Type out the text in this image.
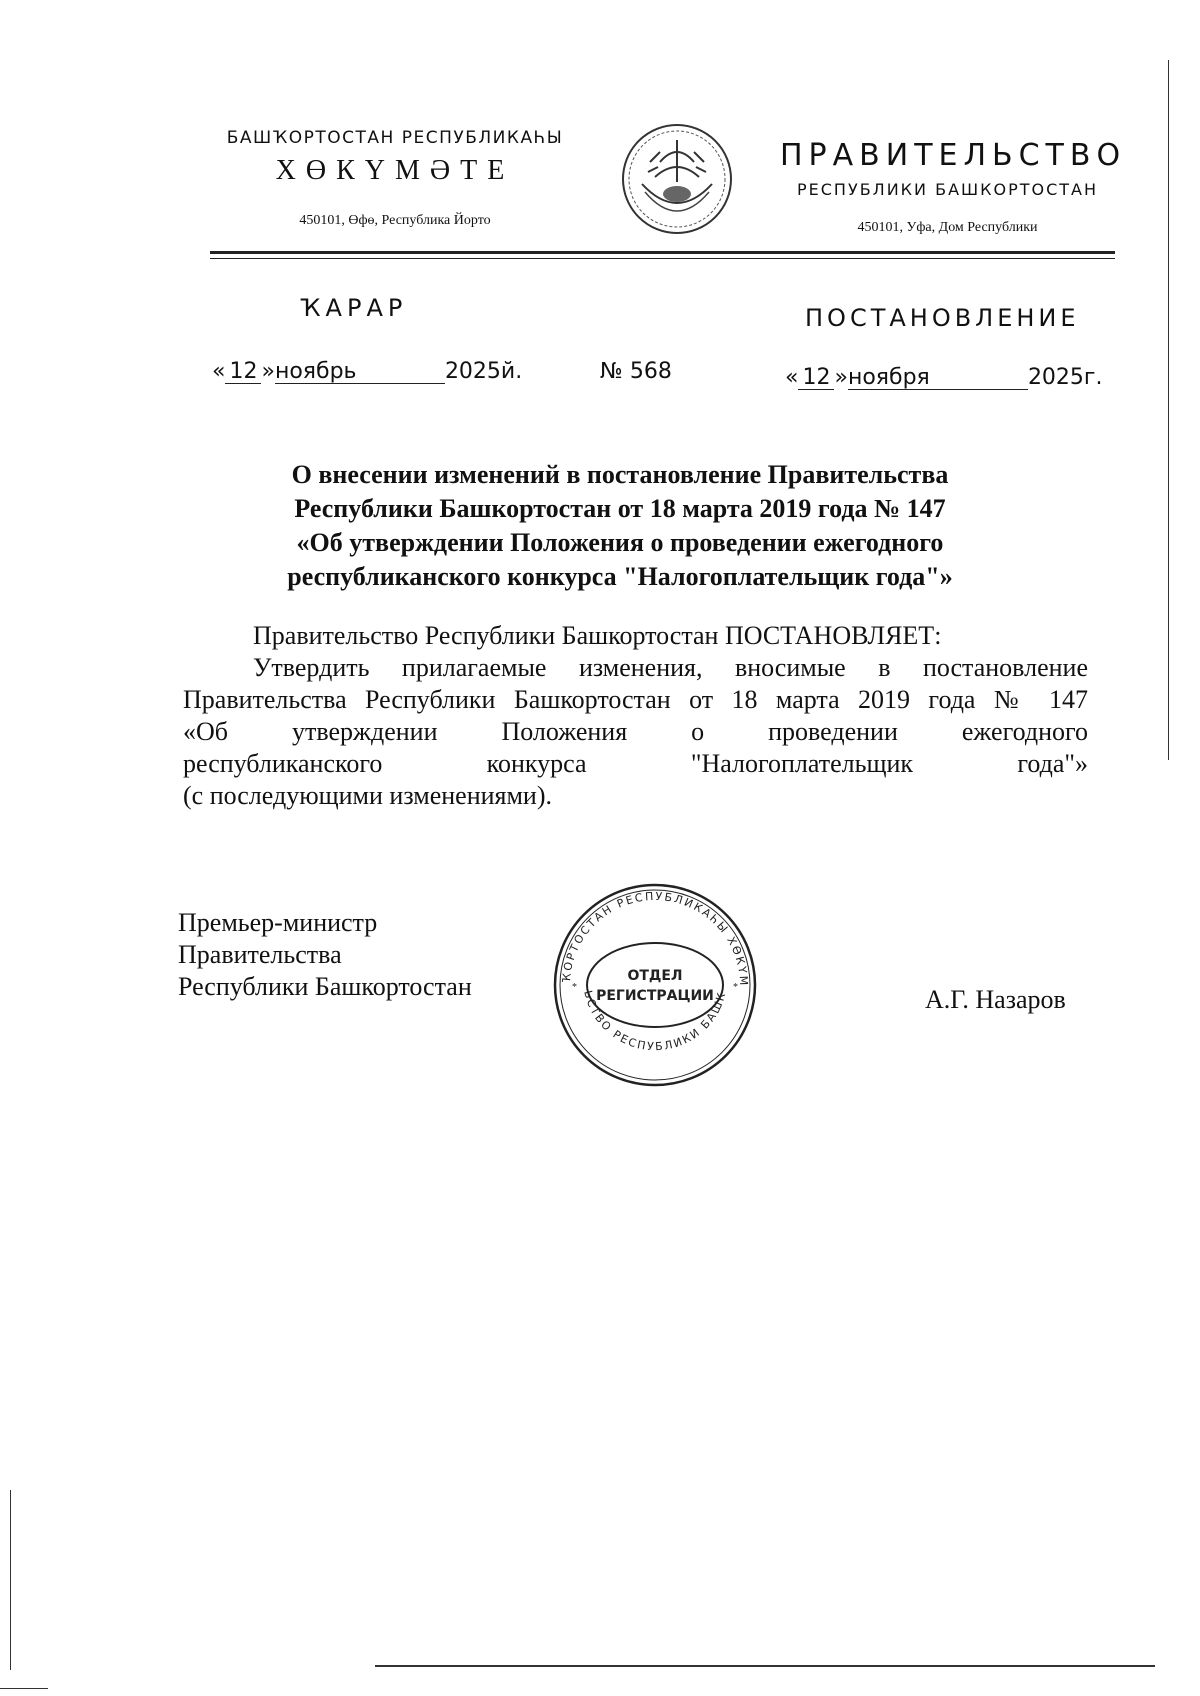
БАШҠОРТОСТАН РЕСПУБЛИКАҺЫ
ХӨКҮМӘТЕ
450101, Өфө, Республика Йорто
ПРАВИТЕЛЬСТВО
РЕСПУБЛИКИ БАШКОРТОСТАН
450101, Уфа, Дом Республики
ҠАРАР	ПОСТАНОВЛЕНИЕ
« 12 »ноябрь	2025й.	№ 568	« 12 »ноября	2025г.
О внесении изменений в постановление Правительства
Республики Башкортостан от 18 марта 2019 года № 147
«Об утверждении Положения о проведении ежегодного
республиканского конкурса "Налогоплательщик года"»

Правительство Республики Башкортостан ПОСТАНОВЛЯЕТ:

Утвердить прилагаемые изменения, вносимые в постановление

Правительства Республики Башкортостан от 18 марта 2019 года № 147

«Об утверждении Положения о проведении ежегодного

республиканского конкурса "Налогоплательщик года"»

(с последующими изменениями).

Премьер-министр
Правительства
Республики Башкортостан	А.Г. Назаров
ҠОРТОСТАН РЕСПУБЛИКАҺЫ ХӨКҮМ
ЬСТВО РЕСПУБЛИКИ БАШК
ОТДЕЛ
РЕГИСТРАЦИИ
*	*
